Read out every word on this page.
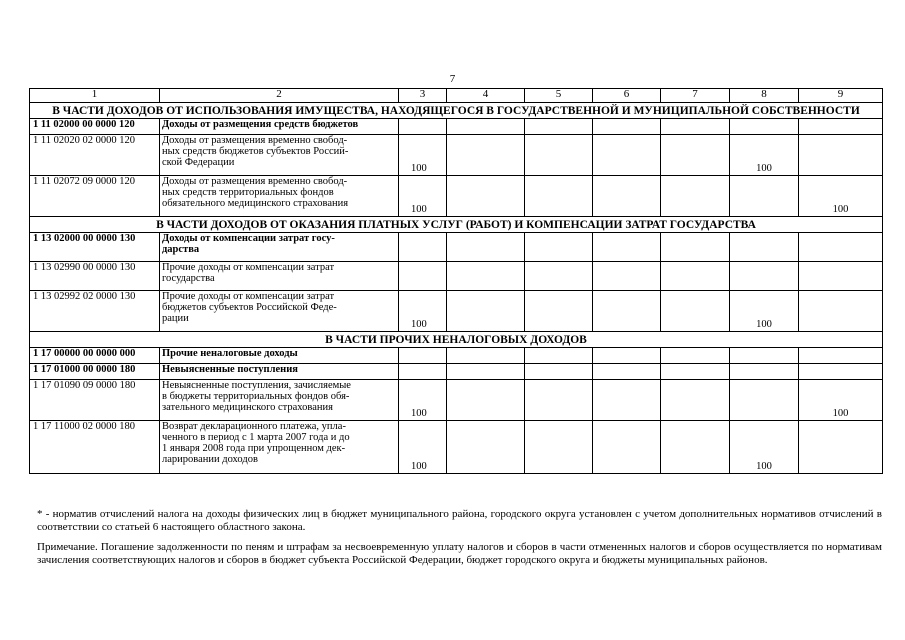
7
1	2	3	4	5	6	7	8	9
В ЧАСТИ ДОХОДОВ ОТ ИСПОЛЬЗОВАНИЯ ИМУЩЕСТВА, НАХОДЯЩЕГОСЯ В ГОСУДАРСТВЕННОЙ И МУНИЦИПАЛЬНОЙ СОБСТВЕННОСТИ								
1 11 02000 00 0000 120	Доходы от размещения средств бюджетов							

1 11 02020 02 0000 120	Доходы от размещения временно свобод-
ных средств бюджетов субъектов Россий-
ской Федерации	100					100	
1 11 02072 09 0000 120	Доходы от размещения временно свобод-
ных средств территориальных фондов
обязательного медицинского страхования	100						100
В ЧАСТИ ДОХОДОВ ОТ ОКАЗАНИЯ ПЛАТНЫХ УСЛУГ (РАБОТ) И КОМПЕНСАЦИИ ЗАТРАТ ГОСУДАРСТВА								
1 13 02000 00 0000 130	Доходы от компенсации затрат госу-
дарства							

1 13 02990 00 0000 130	Прочие доходы от компенсации затрат
государства							

1 13 02992 02 0000 130	Прочие доходы от компенсации затрат
бюджетов субъектов Российской Феде-
рации	100					100	
В ЧАСТИ ПРОЧИХ НЕНАЛОГОВЫХ ДОХОДОВ								
1 17 00000 00 0000 000	Прочие неналоговые доходы							

1 17 01000 00 0000 180	Невыясненные поступления							

1 17 01090 09 0000 180	Невыясненные поступления, зачисляемые
в бюджеты территориальных фондов обя-
зательного медицинского страхования	100						100
1 17 11000 02 0000 180	Возврат декларационного платежа, упла-
ченного в период с 1 марта 2007 года и до
1 января 2008 года при упрощенном дек-
ларировании доходов	100					100	
* - норматив отчислений налога на доходы физических лиц в бюджет муниципального района, городского округа установлен с учетом дополнительных нормативов отчислений в соответствии со статьей 6 настоящего областного закона.
Примечание. Погашение задолженности по пеням и штрафам за несвоевременную уплату налогов и сборов в части отмененных налогов и сборов осуществляется по нормативам зачисления соответствующих налогов и сборов в бюджет субъекта Российской Федерации, бюджет городского округа и бюджеты муниципальных районов.
